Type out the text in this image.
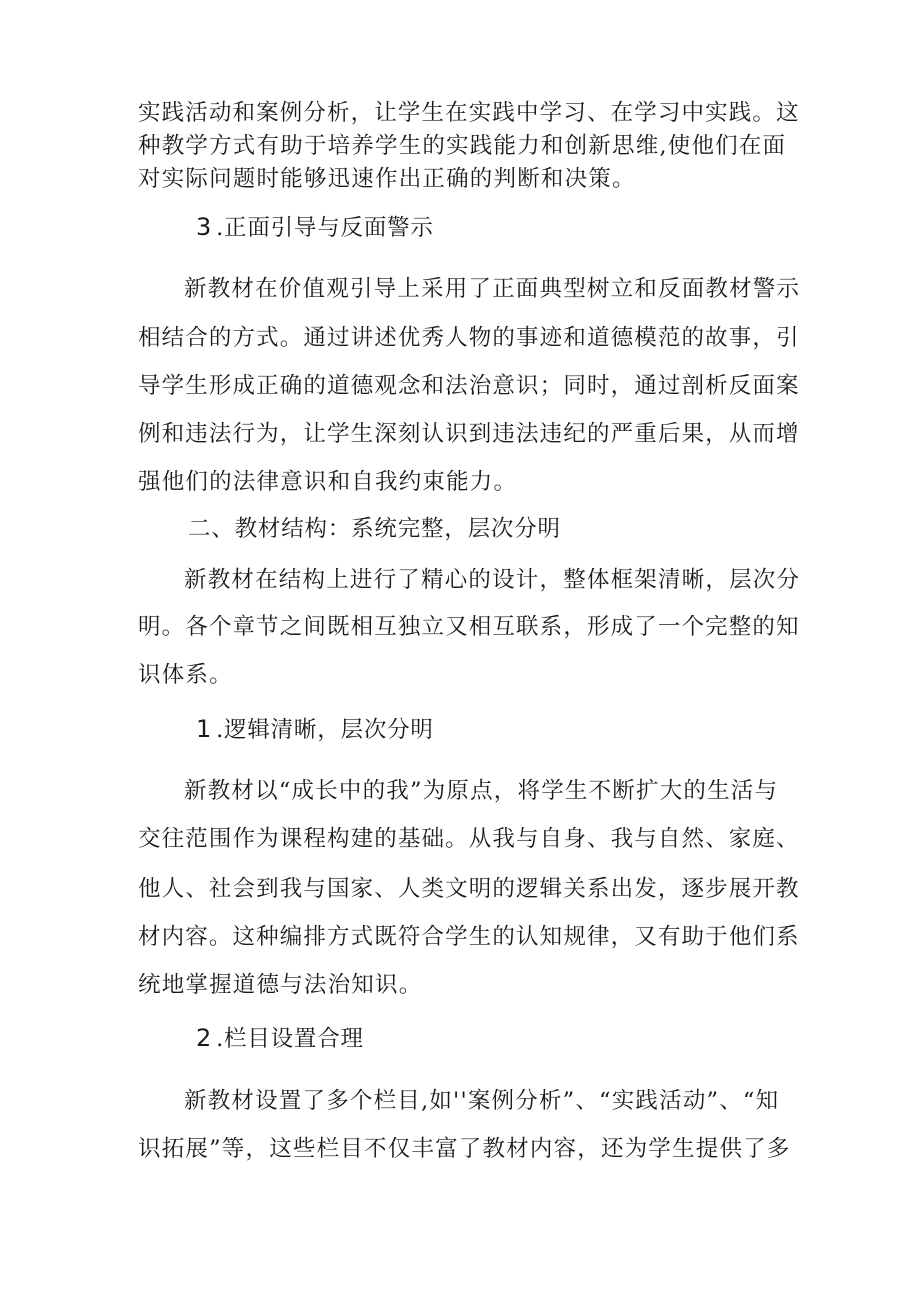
实践活动和案例分析，让学生在实践中学习、在学习中实践。这
种教学方式有助于培养学生的实践能力和创新思维,使他们在面
对实际问题时能够迅速作出正确的判断和决策。
3 .正面引导与反面警示
新教材在价值观引导上采用了正面典型树立和反面教材警示
相结合的方式。通过讲述优秀人物的事迹和道德模范的故事，引
导学生形成正确的道德观念和法治意识；同时，通过剖析反面案
例和违法行为，让学生深刻认识到违法违纪的严重后果，从而增
强他们的法律意识和自我约束能力。
二、教材结构：系统完整，层次分明
新教材在结构上进行了精心的设计，整体框架清晰，层次分
明。各个章节之间既相互独立又相互联系，形成了一个完整的知
识体系。
1 .逻辑清晰，层次分明
新教材以“成长中的我”为原点，将学生不断扩大的生活与
交往范围作为课程构建的基础。从我与自身、我与自然、家庭、
他人、社会到我与国家、人类文明的逻辑关系出发，逐步展开教
材内容。这种编排方式既符合学生的认知规律，又有助于他们系
统地掌握道德与法治知识。
2 .栏目设置合理
新教材设置了多个栏目,如''案例分析”、“实践活动”、“知
识拓展”等，这些栏目不仅丰富了教材内容，还为学生提供了多
